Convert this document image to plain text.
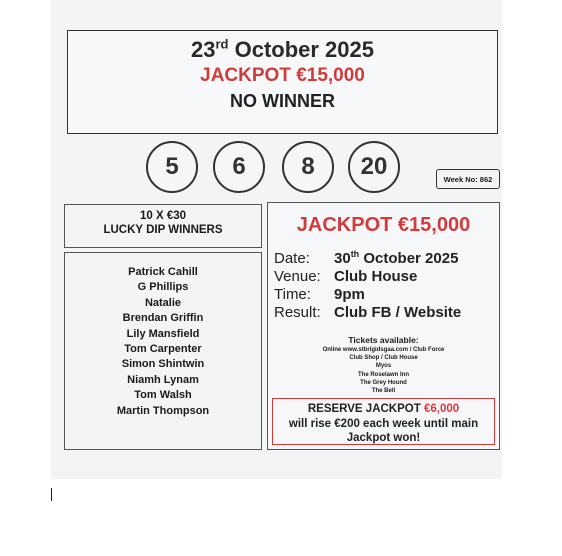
23rd October 2025
JACKPOT €15,000
NO WINNER
5	6	8	20	Week No: 862
10 X €30
LUCKY DIP WINNERS
Patrick Cahill
G Phillips
Natalie
Brendan Griffin
Lily Mansfield
Tom Carpenter
Simon Shintwin
Niamh Lynam
Tom Walsh
Martin Thompson
JACKPOT €15,000
Date: 30th October 2025
Venue: Club House
Time: 9pm
Result: Club FB / Website
Tickets available:
Online www.stbrigidsgaa.com / Club Force
Club Shop / Club House
Myos
The Roselawn Inn
The Grey Hound
The Bell
RESERVE JACKPOT €6,000
will rise €200 each week until main
Jackpot won!
